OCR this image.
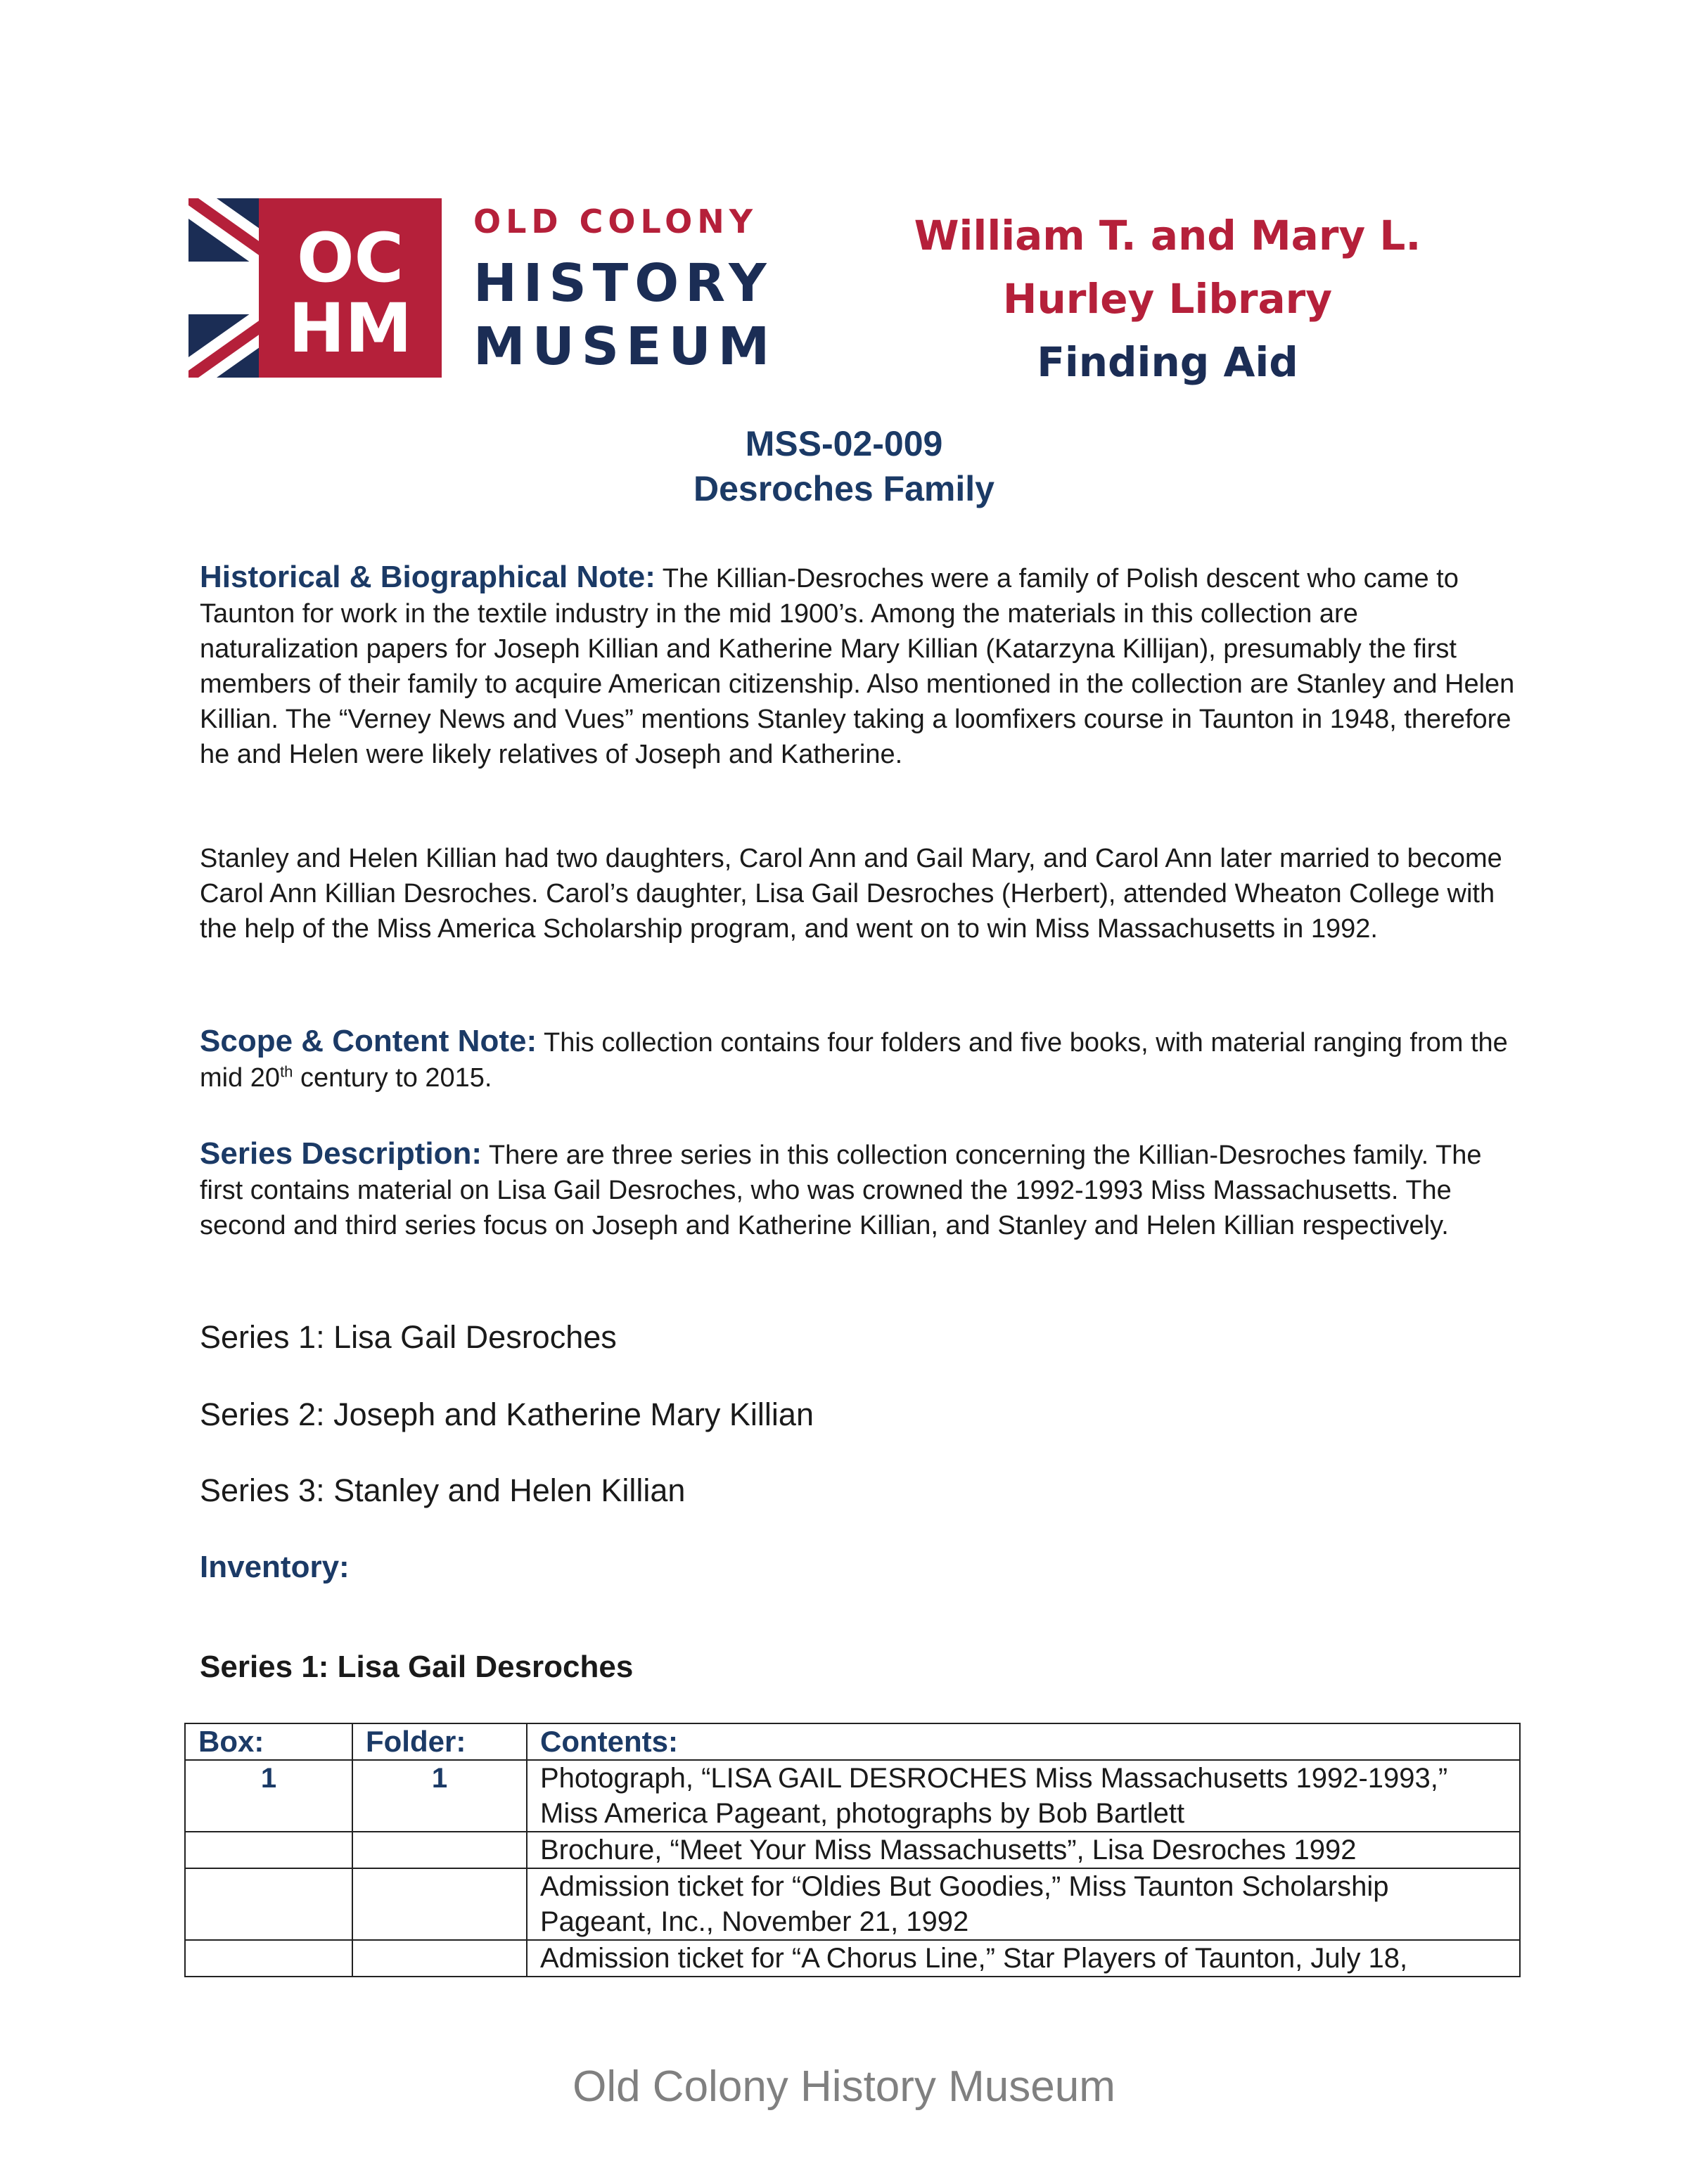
OC
HM
OLD COLONY
HISTORY
MUSEUM
William T. and Mary L.
Hurley Library
Finding Aid
MSS-02-009
Desroches Family
Historical & Biographical Note: The Killian-Desroches were a family of Polish descent who came to Taunton for work in the textile industry in the mid 1900’s. Among the materials in this collection are naturalization papers for Joseph Killian and Katherine Mary Killian (Katarzyna Killijan), presumably the first members of their family to acquire American citizenship. Also mentioned in the collection are Stanley and Helen Killian. The “Verney News and Vues” mentions Stanley taking a loomfixers course in Taunton in 1948, therefore he and Helen were likely relatives of Joseph and Katherine.
Stanley and Helen Killian had two daughters, Carol Ann and Gail Mary, and Carol Ann later married to become Carol Ann Killian Desroches. Carol’s daughter, Lisa Gail Desroches (Herbert), attended Wheaton College with the help of the Miss America Scholarship program, and went on to win Miss Massachusetts in 1992.
Scope & Content Note: This collection contains four folders and five books, with material ranging from the mid 20th century to 2015.
Series Description: There are three series in this collection concerning the Killian-Desroches family. The first contains material on Lisa Gail Desroches, who was crowned the 1992-1993 Miss Massachusetts. The second and third series focus on Joseph and Katherine Killian, and Stanley and Helen Killian respectively.
Series 1: Lisa Gail Desroches
Series 2: Joseph and Katherine Mary Killian
Series 3: Stanley and Helen Killian
Inventory:
Series 1: Lisa Gail Desroches
Box:	Folder:	Contents:
1	1	Photograph, “LISA GAIL DESROCHES Miss Massachusetts 1992-1993,” Miss America Pageant, photographs by Bob Bartlett
		Brochure, “Meet Your Miss Massachusetts”, Lisa Desroches 1992
		Admission ticket for “Oldies But Goodies,” Miss Taunton Scholarship Pageant, Inc., November 21, 1992

		Admission ticket for “A Chorus Line,” Star Players of Taunton, July 18,
Old Colony History Museum
